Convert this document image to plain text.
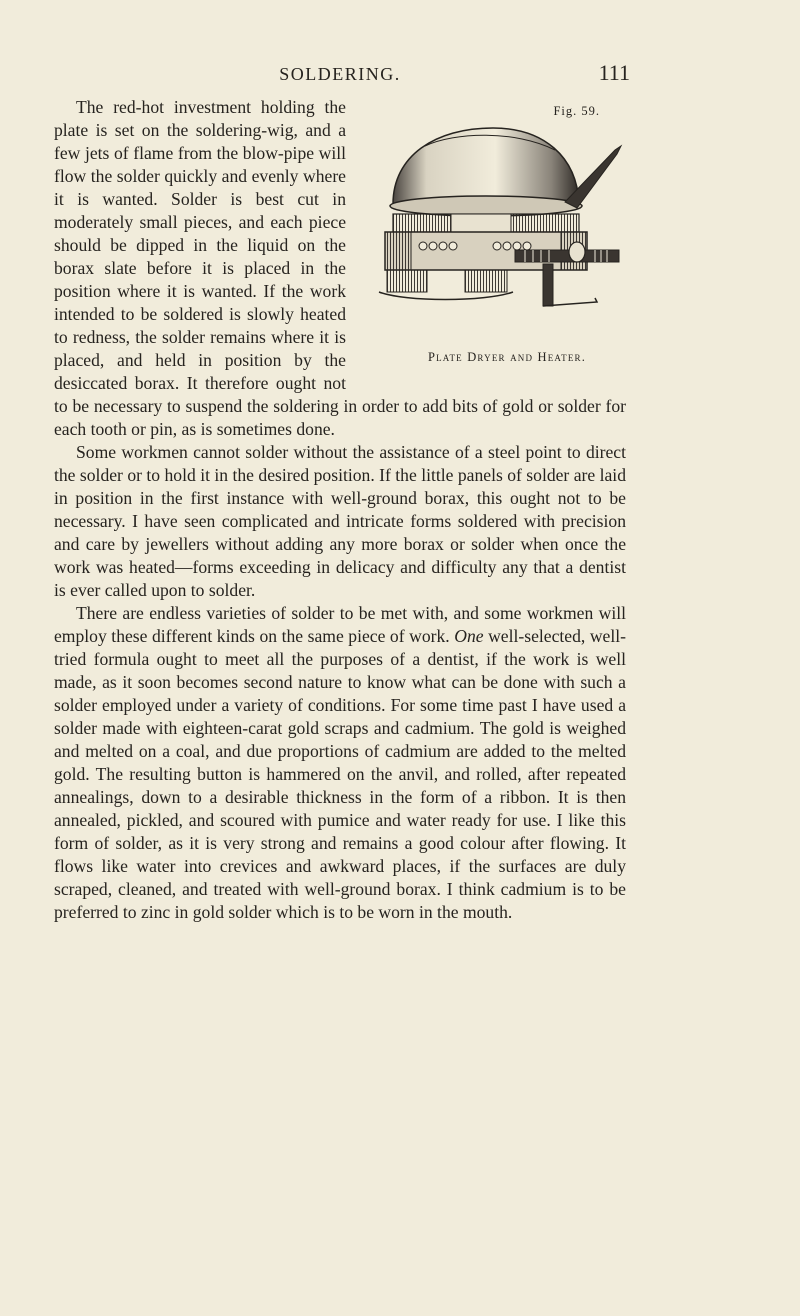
SOLDERING.	111

Fig. 59.
Plate Dryer and Heater.
The red-hot investment holding the plate is set on the soldering-wig, and a few jets of flame from the blow-pipe will flow the solder quickly and evenly where it is wanted. Solder is best cut in moderately small pieces, and each piece should be dipped in the liquid on the borax slate before it is placed in the position where it is wanted. If the work intended to be soldered is slowly heated to redness, the solder remains where it is placed, and held in position by the desiccated borax. It therefore ought not to be necessary to suspend the soldering in order to add bits of gold or solder for each tooth or pin, as is sometimes done.

Some workmen cannot solder without the assistance of a steel point to direct the solder or to hold it in the desired position. If the little panels of solder are laid in position in the first instance with well-ground borax, this ought not to be necessary. I have seen complicated and intricate forms soldered with precision and care by jewellers without adding any more borax or solder when once the work was heated—forms exceeding in delicacy and difficulty any that a dentist is ever called upon to solder.

There are endless varieties of solder to be met with, and some workmen will employ these different kinds on the same piece of work. One well-selected, well-tried formula ought to meet all the purposes of a dentist, if the work is well made, as it soon becomes second nature to know what can be done with such a solder employed under a variety of conditions. For some time past I have used a solder made with eighteen-carat gold scraps and cadmium. The gold is weighed and melted on a coal, and due proportions of cadmium are added to the melted gold. The resulting button is hammered on the anvil, and rolled, after repeated annealings, down to a desirable thickness in the form of a ribbon. It is then annealed, pickled, and scoured with pumice and water ready for use. I like this form of solder, as it is very strong and remains a good colour after flowing. It flows like water into crevices and awkward places, if the surfaces are duly scraped, cleaned, and treated with well-ground borax. I think cadmium is to be preferred to zinc in gold solder which is to be worn in the mouth.
